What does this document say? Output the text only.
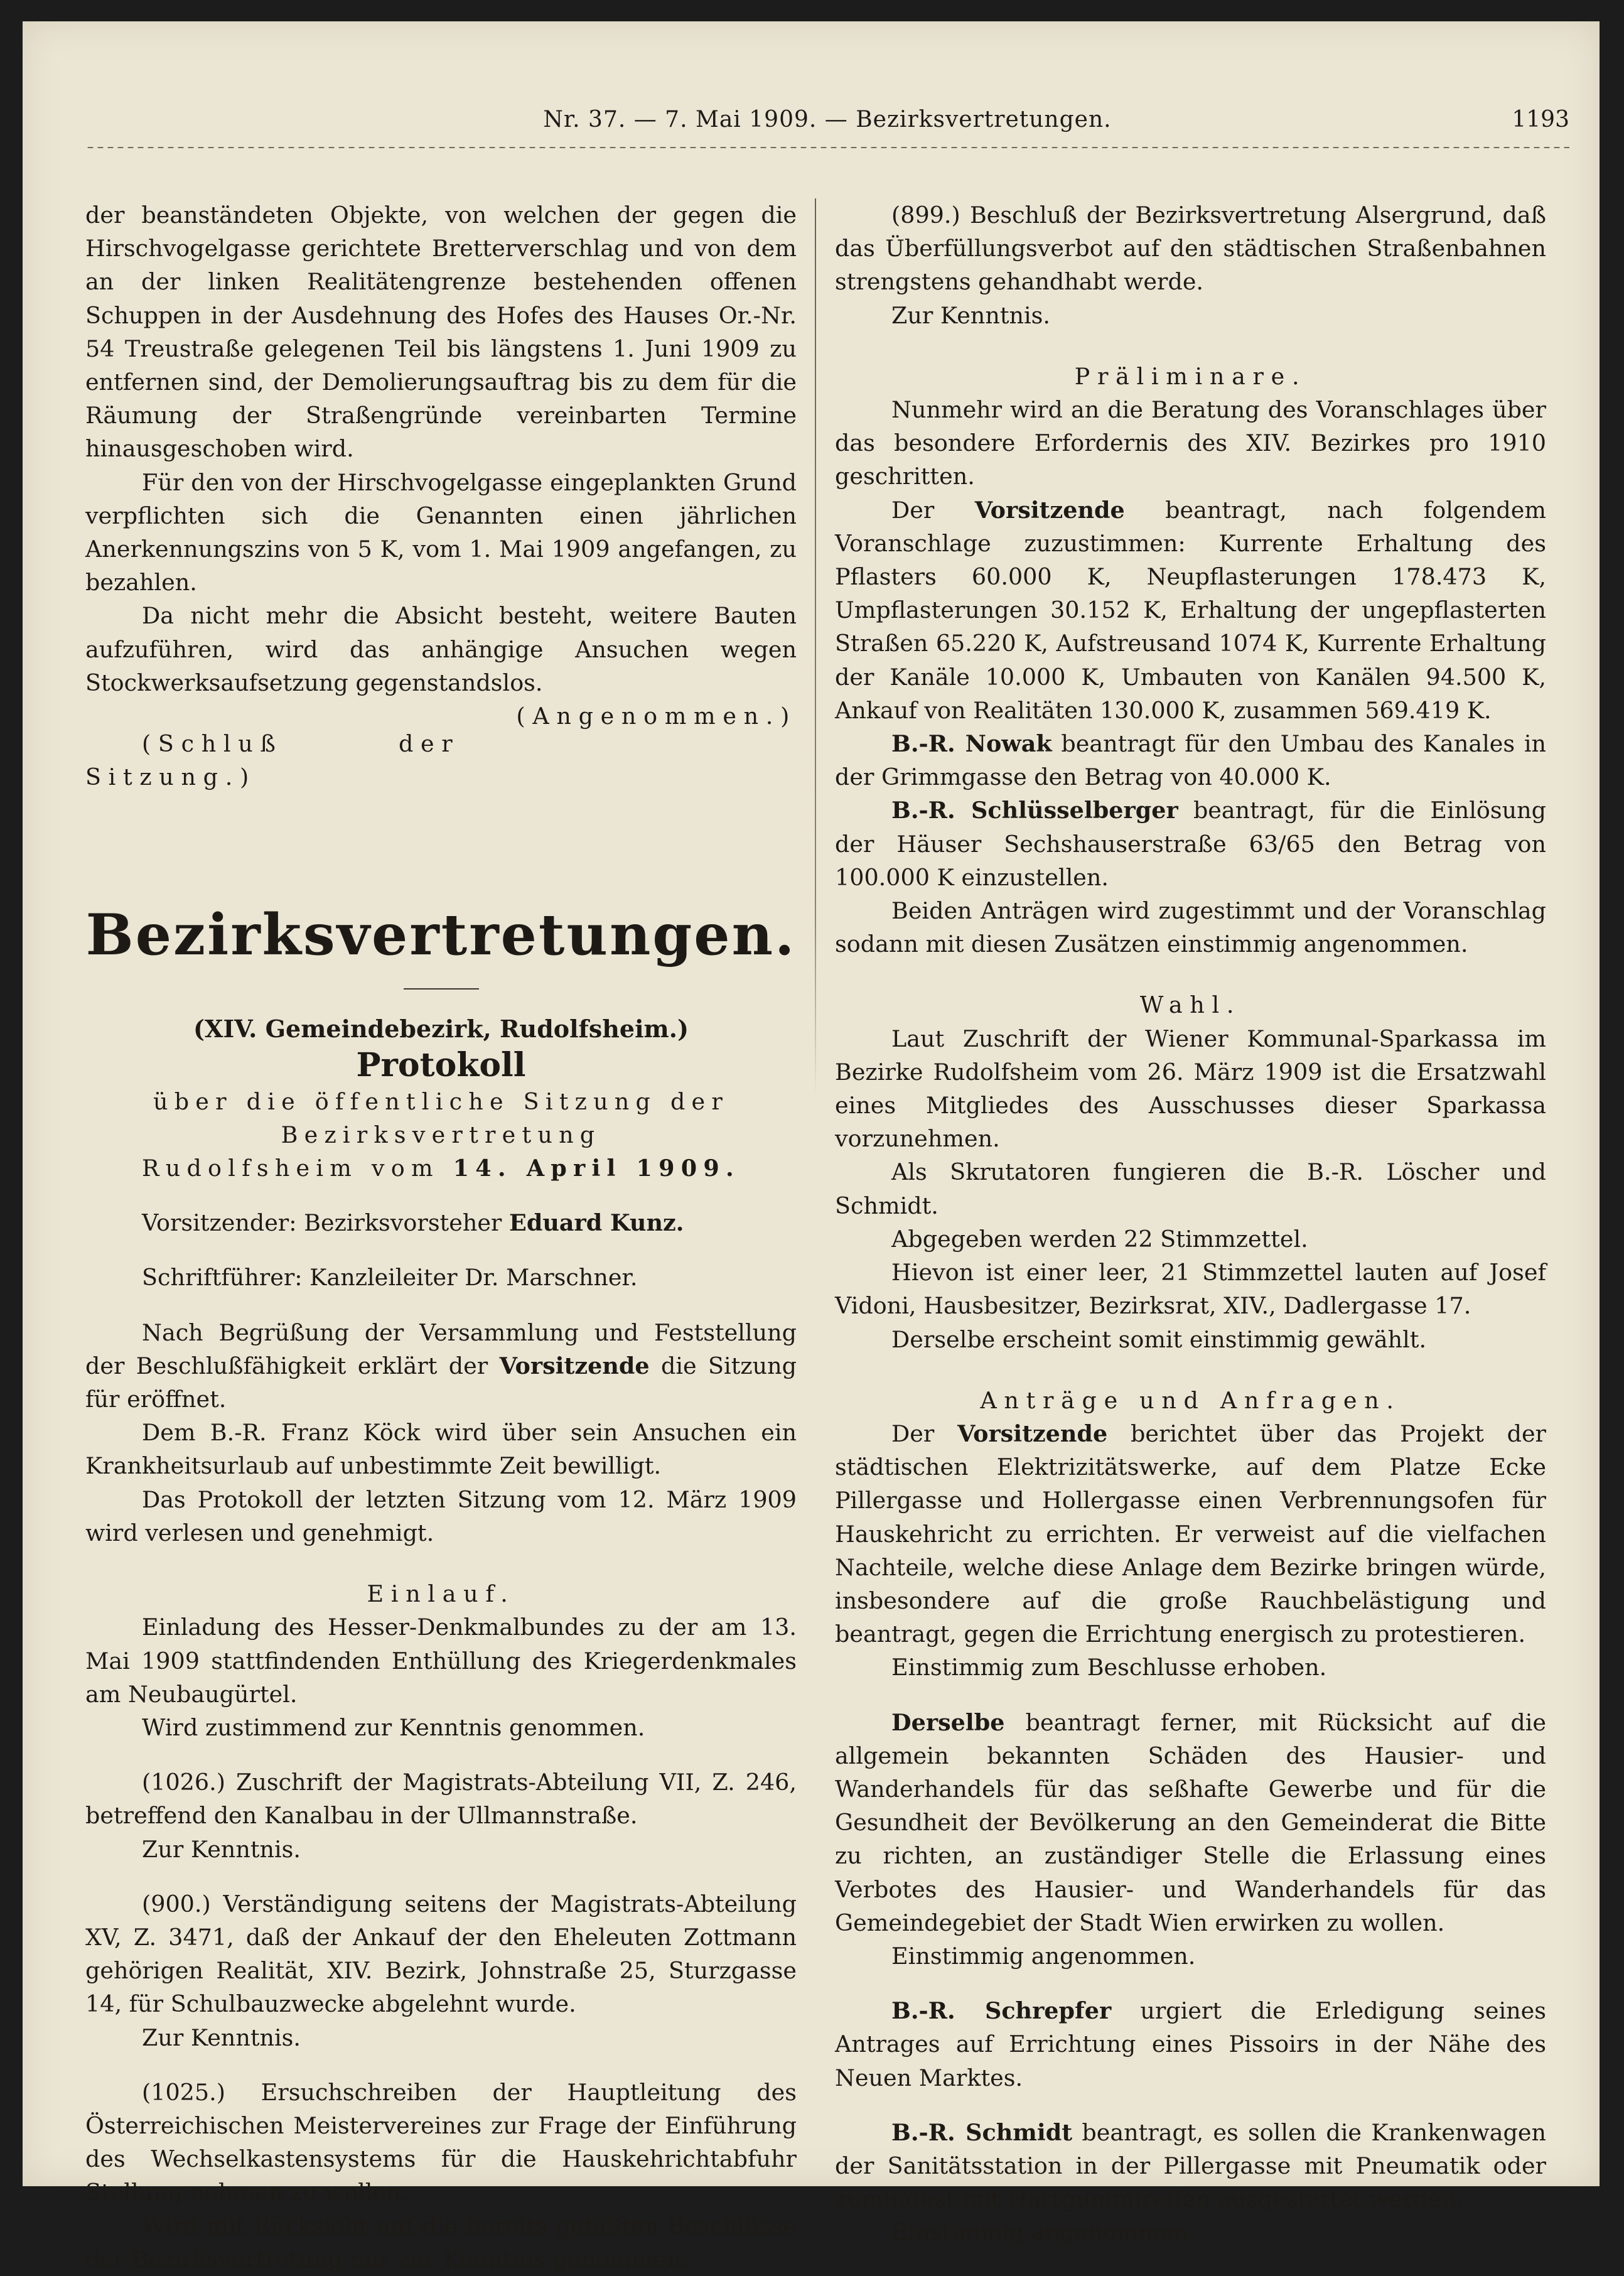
Nr. 37. — 7. Mai 1909. — Bezirksvertretungen.	1193

der beanständeten Objekte, von welchen der gegen die Hirschvogelgasse gerichtete Bretterverschlag und von dem an der linken Realitätengrenze bestehenden offenen Schuppen in der Ausdehnung des Hofes des Hauses Or.-Nr. 54 Treustraße gelegenen Teil bis längstens 1. Juni 1909 zu entfernen sind, der Demolierungsauftrag bis zu dem für die Räumung der Straßengründe vereinbarten Termine hinausgeschoben wird.

Für den von der Hirschvogelgasse eingeplankten Grund verpflichten sich die Genannten einen jährlichen Anerkennungszins von 5 K, vom 1. Mai 1909 angefangen, zu bezahlen.

Da nicht mehr die Absicht besteht, weitere Bauten aufzuführen, wird das anhängige Ansuchen wegen Stockwerksaufsetzung gegenstandslos.
(Angenommen.)

(Schluß der Sitzung.)

Bezirksvertretungen.
(XIV. Gemeindebezirk, Rudolfsheim.)
Protokoll

über die öffentliche Sitzung der Bezirksvertretung

Rudolfsheim vom 14. April 1909.

Vorsitzender: Bezirksvorsteher Eduard Kunz.

Schriftführer: Kanzleileiter Dr. Marschner.

Nach Begrüßung der Versammlung und Feststellung der Beschlußfähigkeit erklärt der Vorsitzende die Sitzung für eröffnet.

Dem B.-R. Franz Köck wird über sein Ansuchen ein Krankheitsurlaub auf unbestimmte Zeit bewilligt.

Das Protokoll der letzten Sitzung vom 12. März 1909 wird verlesen und genehmigt.

Einlauf.

Einladung des Hesser-Denkmalbundes zu der am 13. Mai 1909 stattfindenden Enthüllung des Kriegerdenkmales am Neubaugürtel.

Wird zustimmend zur Kenntnis genommen.

(1026.) Zuschrift der Magistrats-Abteilung VII, Z. 246, betreffend den Kanalbau in der Ullmannstraße.

Zur Kenntnis.

(900.) Verständigung seitens der Magistrats-Abteilung XV, Z. 3471, daß der Ankauf der den Eheleuten Zottmann gehörigen Realität, XIV. Bezirk, Johnstraße 25, Sturzgasse 14, für Schulbauzwecke abgelehnt wurde.

Zur Kenntnis.

(1025.) Ersuchschreiben der Hauptleitung des Österreichischen Meistervereines zur Frage der Einführung des Wechselkastensystems für die Hauskehrichtabfuhr Stellung nehmen zu wollen.

Wird mit Rücksicht auf die bereits gefaßten Beschlüsse der Bezirksvertretung nur zur Kenntnis genommen.

(899.) Beschluß der Bezirksvertretung Alsergrund, daß das Überfüllungsverbot auf den städtischen Straßenbahnen strengstens gehandhabt werde.

Zur Kenntnis.

Präliminare.

Nunmehr wird an die Beratung des Voranschlages über das besondere Erfordernis des XIV. Bezirkes pro 1910 geschritten.

Der Vorsitzende beantragt, nach folgendem Voranschlage zuzustimmen: Kurrente Erhaltung des Pflasters 60.000 K, Neupflasterungen 178.473 K, Umpflasterungen 30.152 K, Erhaltung der ungepflasterten Straßen 65.220 K, Aufstreusand 1074 K, Kurrente Erhaltung der Kanäle 10.000 K, Umbauten von Kanälen 94.500 K, Ankauf von Realitäten 130.000 K, zusammen 569.419 K.

B.-R. Nowak beantragt für den Umbau des Kanales in der Grimmgasse den Betrag von 40.000 K.

B.-R. Schlüsselberger beantragt, für die Einlösung der Häuser Sechshauserstraße 63/65 den Betrag von 100.000 K einzustellen.

Beiden Anträgen wird zugestimmt und der Voranschlag sodann mit diesen Zusätzen einstimmig angenommen.

Wahl.

Laut Zuschrift der Wiener Kommunal-Sparkassa im Bezirke Rudolfsheim vom 26. März 1909 ist die Ersatzwahl eines Mitgliedes des Ausschusses dieser Sparkassa vorzunehmen.

Als Skrutatoren fungieren die B.-R. Löscher und Schmidt.

Abgegeben werden 22 Stimmzettel.

Hievon ist einer leer, 21 Stimmzettel lauten auf Josef Vidoni, Hausbesitzer, Bezirksrat, XIV., Dadlergasse 17.

Derselbe erscheint somit einstimmig gewählt.

Anträge und Anfragen.

Der Vorsitzende berichtet über das Projekt der städtischen Elektrizitätswerke, auf dem Platze Ecke Pillergasse und Hollergasse einen Verbrennungsofen für Hauskehricht zu errichten. Er verweist auf die vielfachen Nachteile, welche diese Anlage dem Bezirke bringen würde, insbesondere auf die große Rauchbelästigung und beantragt, gegen die Errichtung energisch zu protestieren.

Einstimmig zum Beschlusse erhoben.

Derselbe beantragt ferner, mit Rücksicht auf die allgemein bekannten Schäden des Hausier- und Wanderhandels für das seßhafte Gewerbe und für die Gesundheit der Bevölkerung an den Gemeinderat die Bitte zu richten, an zuständiger Stelle die Erlassung eines Verbotes des Hausier- und Wanderhandels für das Gemeindegebiet der Stadt Wien erwirken zu wollen.

Einstimmig angenommen.

B.-R. Schrepfer urgiert die Erledigung seines Antrages auf Errichtung eines Pissoirs in der Nähe des Neuen Marktes.

B.-R. Schmidt beantragt, es sollen die Krankenwagen der Sanitätsstation in der Pillergasse mit Pneumatik oder zumindest mit Hartgummireifen ausgestattet werden.

Einstimmig angenommen.
